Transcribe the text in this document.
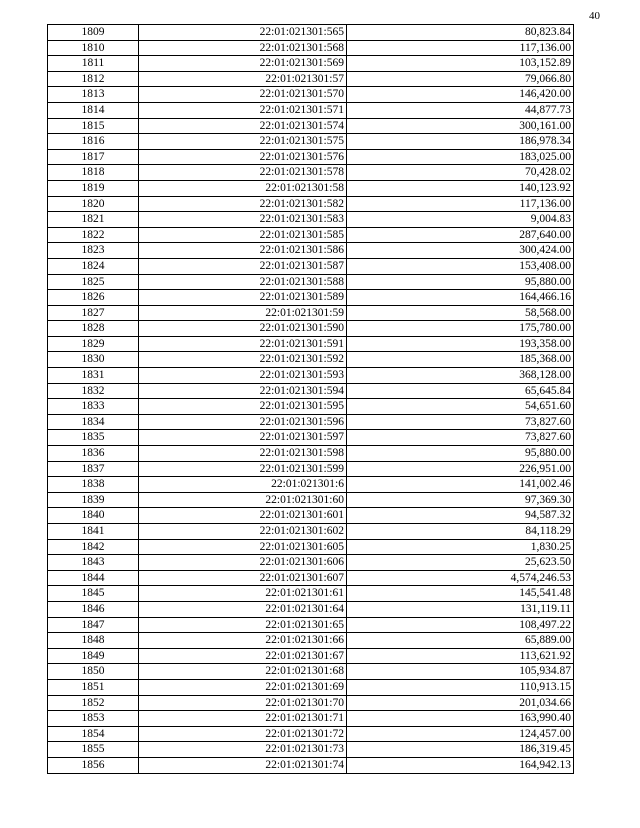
40
1809	22:01:021301:565	80,823.84
1810	22:01:021301:568	117,136.00
1811	22:01:021301:569	103,152.89
1812	22:01:021301:57	79,066.80
1813	22:01:021301:570	146,420.00
1814	22:01:021301:571	44,877.73
1815	22:01:021301:574	300,161.00
1816	22:01:021301:575	186,978.34
1817	22:01:021301:576	183,025.00
1818	22:01:021301:578	70,428.02
1819	22:01:021301:58	140,123.92
1820	22:01:021301:582	117,136.00
1821	22:01:021301:583	9,004.83
1822	22:01:021301:585	287,640.00
1823	22:01:021301:586	300,424.00
1824	22:01:021301:587	153,408.00
1825	22:01:021301:588	95,880.00
1826	22:01:021301:589	164,466.16
1827	22:01:021301:59	58,568.00
1828	22:01:021301:590	175,780.00
1829	22:01:021301:591	193,358.00
1830	22:01:021301:592	185,368.00
1831	22:01:021301:593	368,128.00
1832	22:01:021301:594	65,645.84
1833	22:01:021301:595	54,651.60
1834	22:01:021301:596	73,827.60
1835	22:01:021301:597	73,827.60
1836	22:01:021301:598	95,880.00
1837	22:01:021301:599	226,951.00
1838	22:01:021301:6	141,002.46
1839	22:01:021301:60	97,369.30
1840	22:01:021301:601	94,587.32
1841	22:01:021301:602	84,118.29
1842	22:01:021301:605	1,830.25
1843	22:01:021301:606	25,623.50
1844	22:01:021301:607	4,574,246.53
1845	22:01:021301:61	145,541.48
1846	22:01:021301:64	131,119.11
1847	22:01:021301:65	108,497.22
1848	22:01:021301:66	65,889.00
1849	22:01:021301:67	113,621.92
1850	22:01:021301:68	105,934.87
1851	22:01:021301:69	110,913.15
1852	22:01:021301:70	201,034.66
1853	22:01:021301:71	163,990.40
1854	22:01:021301:72	124,457.00
1855	22:01:021301:73	186,319.45
1856	22:01:021301:74	164,942.13
